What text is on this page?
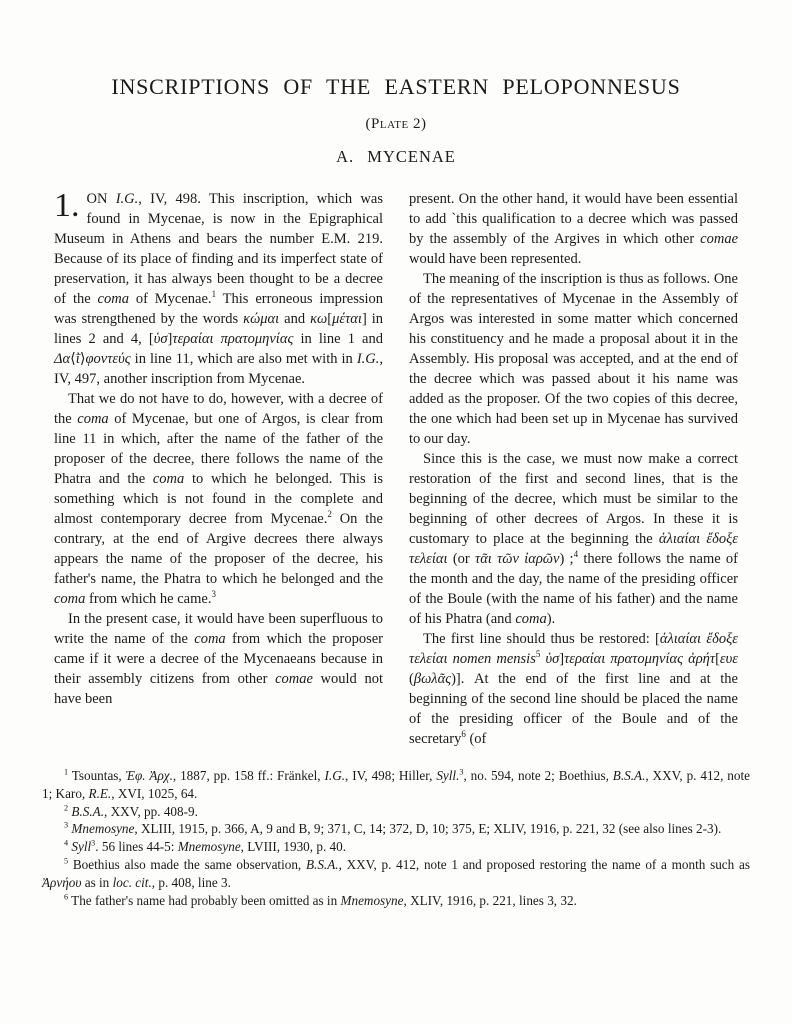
INSCRIPTIONS OF THE EASTERN PELOPONNESUS
(Plate 2)
A. MYCENAE

1. ON I.G., IV, 498. This inscription, which was found in Mycenae, is now in the Epigraphical Museum in Athens and bears the number E.M. 219. Because of its place of finding and its imperfect state of preservation, it has always been thought to be a decree of the coma of Mycenae.$^1$ This erroneous impression was strengthened by the words κώμαι and κω[μέται] in lines 2 and 4, [ὑσ]τεραίαι πρατομηνίας in line 1 and Δα⟨ῒ⟩φοντεύς in line 11, which are also met with in I.G., IV, 497, another inscription from Mycenae.

That we do not have to do, however, with a decree of the coma of Mycenae, but one of Argos, is clear from line 11 in which, after the name of the father of the proposer of the decree, there follows the name of the Phatra and the coma to which he belonged. This is something which is not found in the complete and almost contemporary decree from Mycenae.$^2$ On the contrary, at the end of Argive decrees there always appears the name of the proposer of the decree, his father's name, the Phatra to which he belonged and the coma from which he came.$^3$

In the present case, it would have been superfluous to write the name of the coma from which the proposer came if it were a decree of the Mycenaeans because in their assembly citizens from other comae would not have been

present. On the other hand, it would have been essential to add `this qualification to a decree which was passed by the assembly of the Argives in which other comae would have been represented.

The meaning of the inscription is thus as follows. One of the representatives of Mycenae in the Assembly of Argos was interested in some matter which concerned his constituency and he made a proposal about it in the Assembly. His proposal was accepted, and at the end of the decree which was passed about it his name was added as the proposer. Of the two copies of this decree, the one which had been set up in Mycenae has survived to our day.

Since this is the case, we must now make a correct restoration of the first and second lines, that is the beginning of the decree, which must be similar to the beginning of other decrees of Argos. In these it is customary to place at the beginning the ἁλιαίαι ἔδοξε τελείαι (or τᾶι τῶν ἰαρῶν) ;$^4$ there follows the name of the month and the day, the name of the presiding officer of the Boule (with the name of his father) and the name of his Phatra (and coma).

The first line should thus be restored: [ἁλιαίαι ἔδοξε τελείαι nomen mensis$^5$ ὑσ]τεραίαι πρατομηνίας ἀρήτ[ευε (βωλᾶς)]. At the end of the first line and at the beginning of the second line should be placed the name of the presiding officer of the Boule and of the secretary$^6$ (of

$^1$ Tsountas, Ἐφ. Ἀρχ., 1887, pp. 158 ff.: Fränkel, I.G., IV, 498; Hiller, Syll.$^3$, no. 594, note 2; Boethius, B.S.A., XXV, p. 412, note 1; Karo, R.E., XVI, 1025, 64.

$^2$ B.S.A., XXV, pp. 408-9.

$^3$ Mnemosyne, XLIII, 1915, p. 366, A, 9 and B, 9; 371, C, 14; 372, D, 10; 375, E; XLIV, 1916, p. 221, 32 (see also lines 2-3).

$^4$ Syll$^3$. 56 lines 44-5: Mnemosyne, LVIII, 1930, p. 40.

$^5$ Boethius also made the same observation, B.S.A., XXV, p. 412, note 1 and proposed restoring the name of a month such as Ἀρνήου as in loc. cit., p. 408, line 3.

$^6$ The father's name had probably been omitted as in Mnemosyne, XLIV, 1916, p. 221, lines 3, 32.
